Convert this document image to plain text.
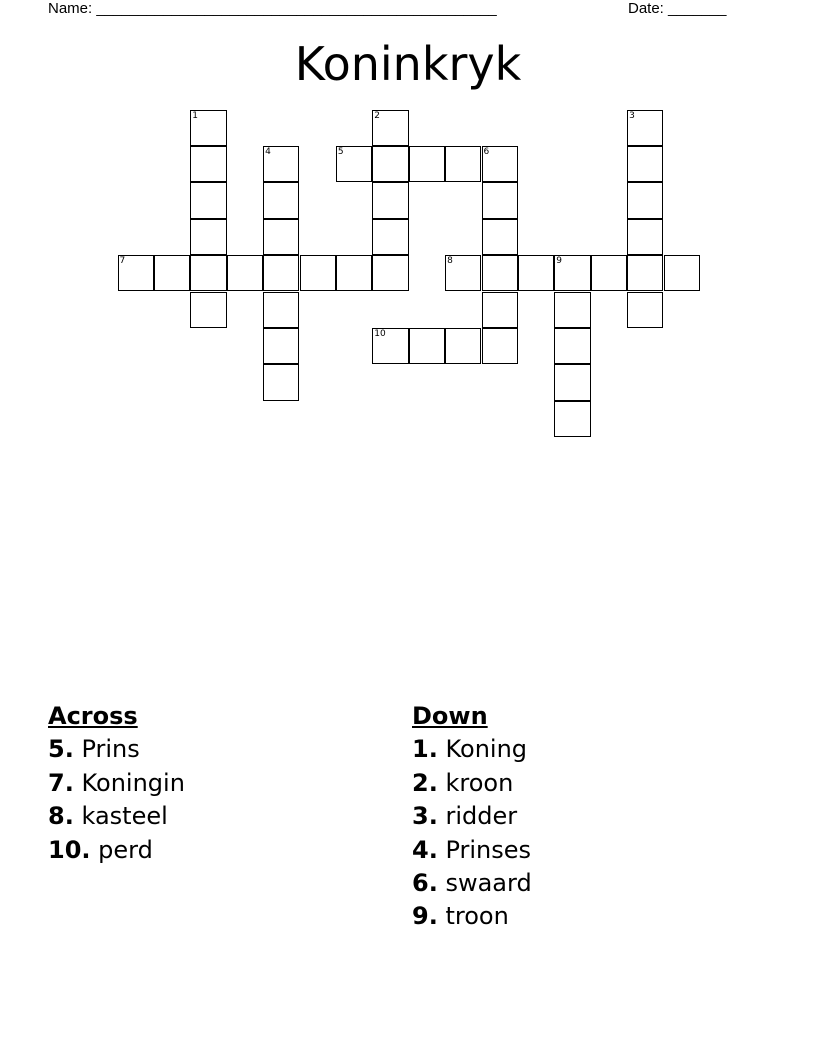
Name: ________________________________________________	Date: _______
Koninkryk
1	2	3
4	5	6
7	8	9
10
Across
5. Prins
7. Koningin
8. kasteel
10. perd
Down
1. Koning
2. kroon
3. ridder
4. Prinses
6. swaard
9. troon
